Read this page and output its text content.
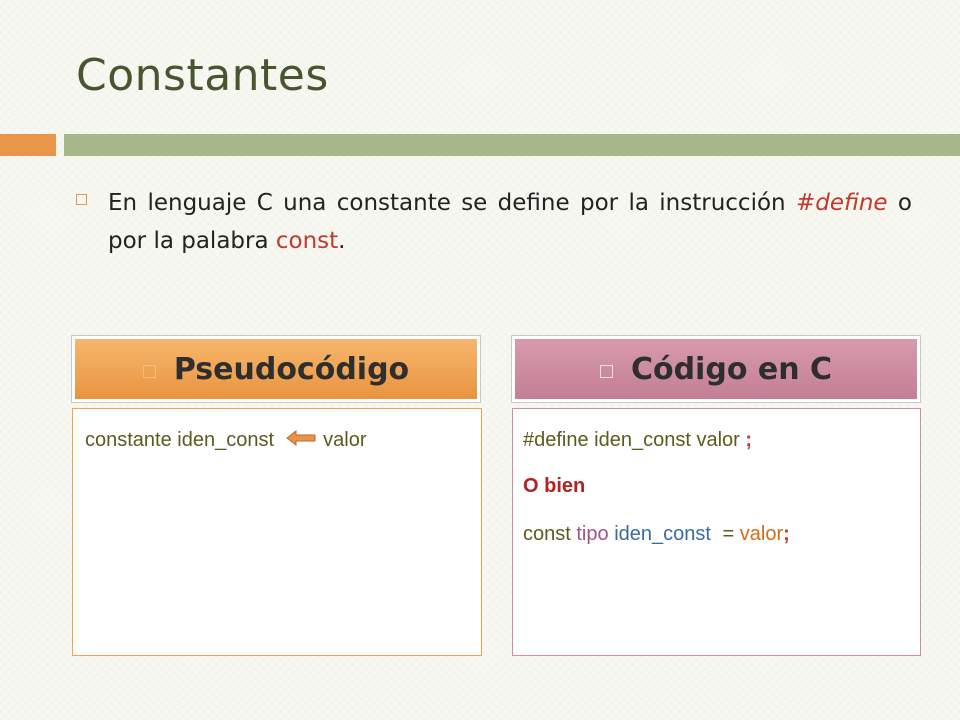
Constantes
En lenguaje C una constante se define por la instrucción #define o por la palabra const.
Pseudocódigo	Código en C
constante iden_const valor	#define iden_const valor ;
O bien
const tipo iden_const = valor;
